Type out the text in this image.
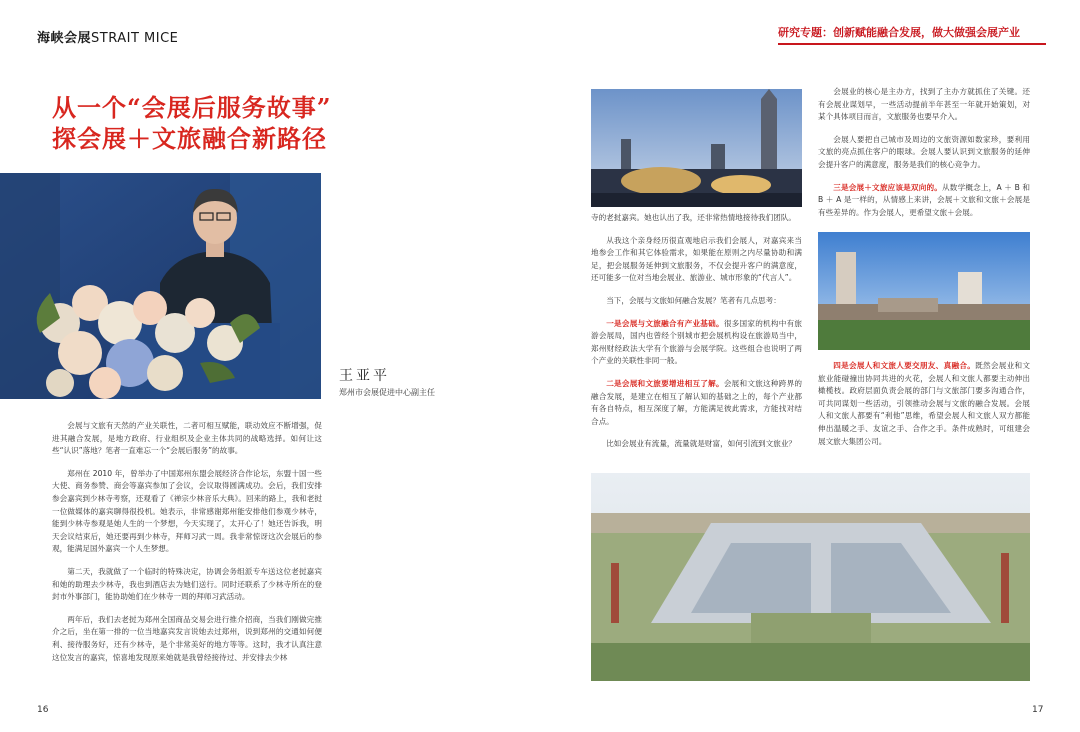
海峡会展STRAIT MICE	研究专题：创新赋能融合发展，做大做强会展产业
从一个“会展后服务故事”
探会展＋文旅融合新路径
王亚平
郑州市会展促进中心副主任

会展与文旅有天然的产业关联性，二者可相互赋能，联动效应不断增强，促进其融合发展，是地方政府、行业组织及企业主体共同的战略选择。如何让这些“认识”落地？笔者一直难忘一个“会展后服务”的故事。

郑州在 2010 年，曾举办了中国郑州东盟会展经济合作论坛，东盟十国一些大使、商务参赞、商会等嘉宾参加了会议，会议取得圆满成功。会后，我们安排参会嘉宾到少林寺考察，还观看了《禅宗少林音乐大典》。回来的路上，我和老挝一位做媒体的嘉宾聊得很投机。她表示，非常感谢郑州能安排他们参观少林寺，能到少林寺参观是她人生的一个梦想，今天实现了，太开心了！她还告诉我，明天会议结束后，她还要再到少林寺，拜师习武一周。我非常惊讶这次会展后的参观，能满足国外嘉宾一个人生梦想。

第二天，我就做了一个临时的特殊决定，协调会务组派专车送这位老挝嘉宾和她的助理去少林寺，我也到酒店去为她们送行。同时还联系了少林寺所在的登封市外事部门，能协助她们在少林寺一周的拜师习武活动。

两年后，我们去老挝为郑州全国商品交易会进行推介招商，当我们刚做完推介之后，坐在第一排的一位当地嘉宾发言说她去过郑州，说到郑州的交通如何便利、接待服务好，还有少林寺，是个非常美好的地方等等。这时，我才认真注意这位发言的嘉宾，惊喜地发现原来她就是我曾经接待过、并安排去少林

寺的老挝嘉宾。她也认出了我，还非常热情地接待我们团队。

从我这个亲身经历很直观地启示我们会展人，对嘉宾来当地参会工作和其它体验需求，如果能在原则之内尽量协助和满足，把会展服务延伸到文旅服务，不仅会提升客户的满意度，还可能多一位对当地会展业、旅游业、城市形象的“代言人”。

当下，会展与文旅如何融合发展？笔者有几点思考：

一是会展与文旅融合有产业基础。很多国家的机构中有旅游会展局，国内也曾经个别城市把会展机构设在旅游局当中，郑州财经政法大学有个旅游与会展学院。这些组合也说明了两个产业的关联性非同一般。

二是会展和文旅要增进相互了解。会展和文旅这种跨界的融合发展，是建立在相互了解认知的基础之上的，每个产业都有各自特点，相互深度了解，方能满足彼此需求，方能找对结合点。

比如会展业有流量，流量就是财富，如何引流到文旅业？

会展业的核心是主办方，找到了主办方就抓住了关键。还有会展业谋划早，一些活动提前半年甚至一年就开始策划，对某个具体项目而言，文旅服务也要早介入。

会展人要把自己城市及周边的文旅资源如数家珍，要利用文旅的亮点抓住客户的眼球。会展人要认识到文旅服务的延伸会提升客户的满意度，服务是我们的核心竞争力。

三是会展＋文旅应该是双向的。从数学概念上，A ＋ B 和 B ＋ A 是一样的，从情感上来讲，会展＋文旅和文旅＋会展是有些差异的。作为会展人，更希望文旅＋会展。

四是会展人和文旅人要交朋友、真融合。既然会展业和文旅业能碰撞出协同共进的火花，会展人和文旅人都要主动伸出橄榄枝。政府层面负责会展的部门与文旅部门要多沟通合作，可共同谋划一些活动，引领推动会展与文旅的融合发展。会展人和文旅人都要有“利他”思维，希望会展人和文旅人双方都能伸出温暖之手、友谊之手、合作之手。条件成熟时，可组建会展文旅大集团公司。

16	17
